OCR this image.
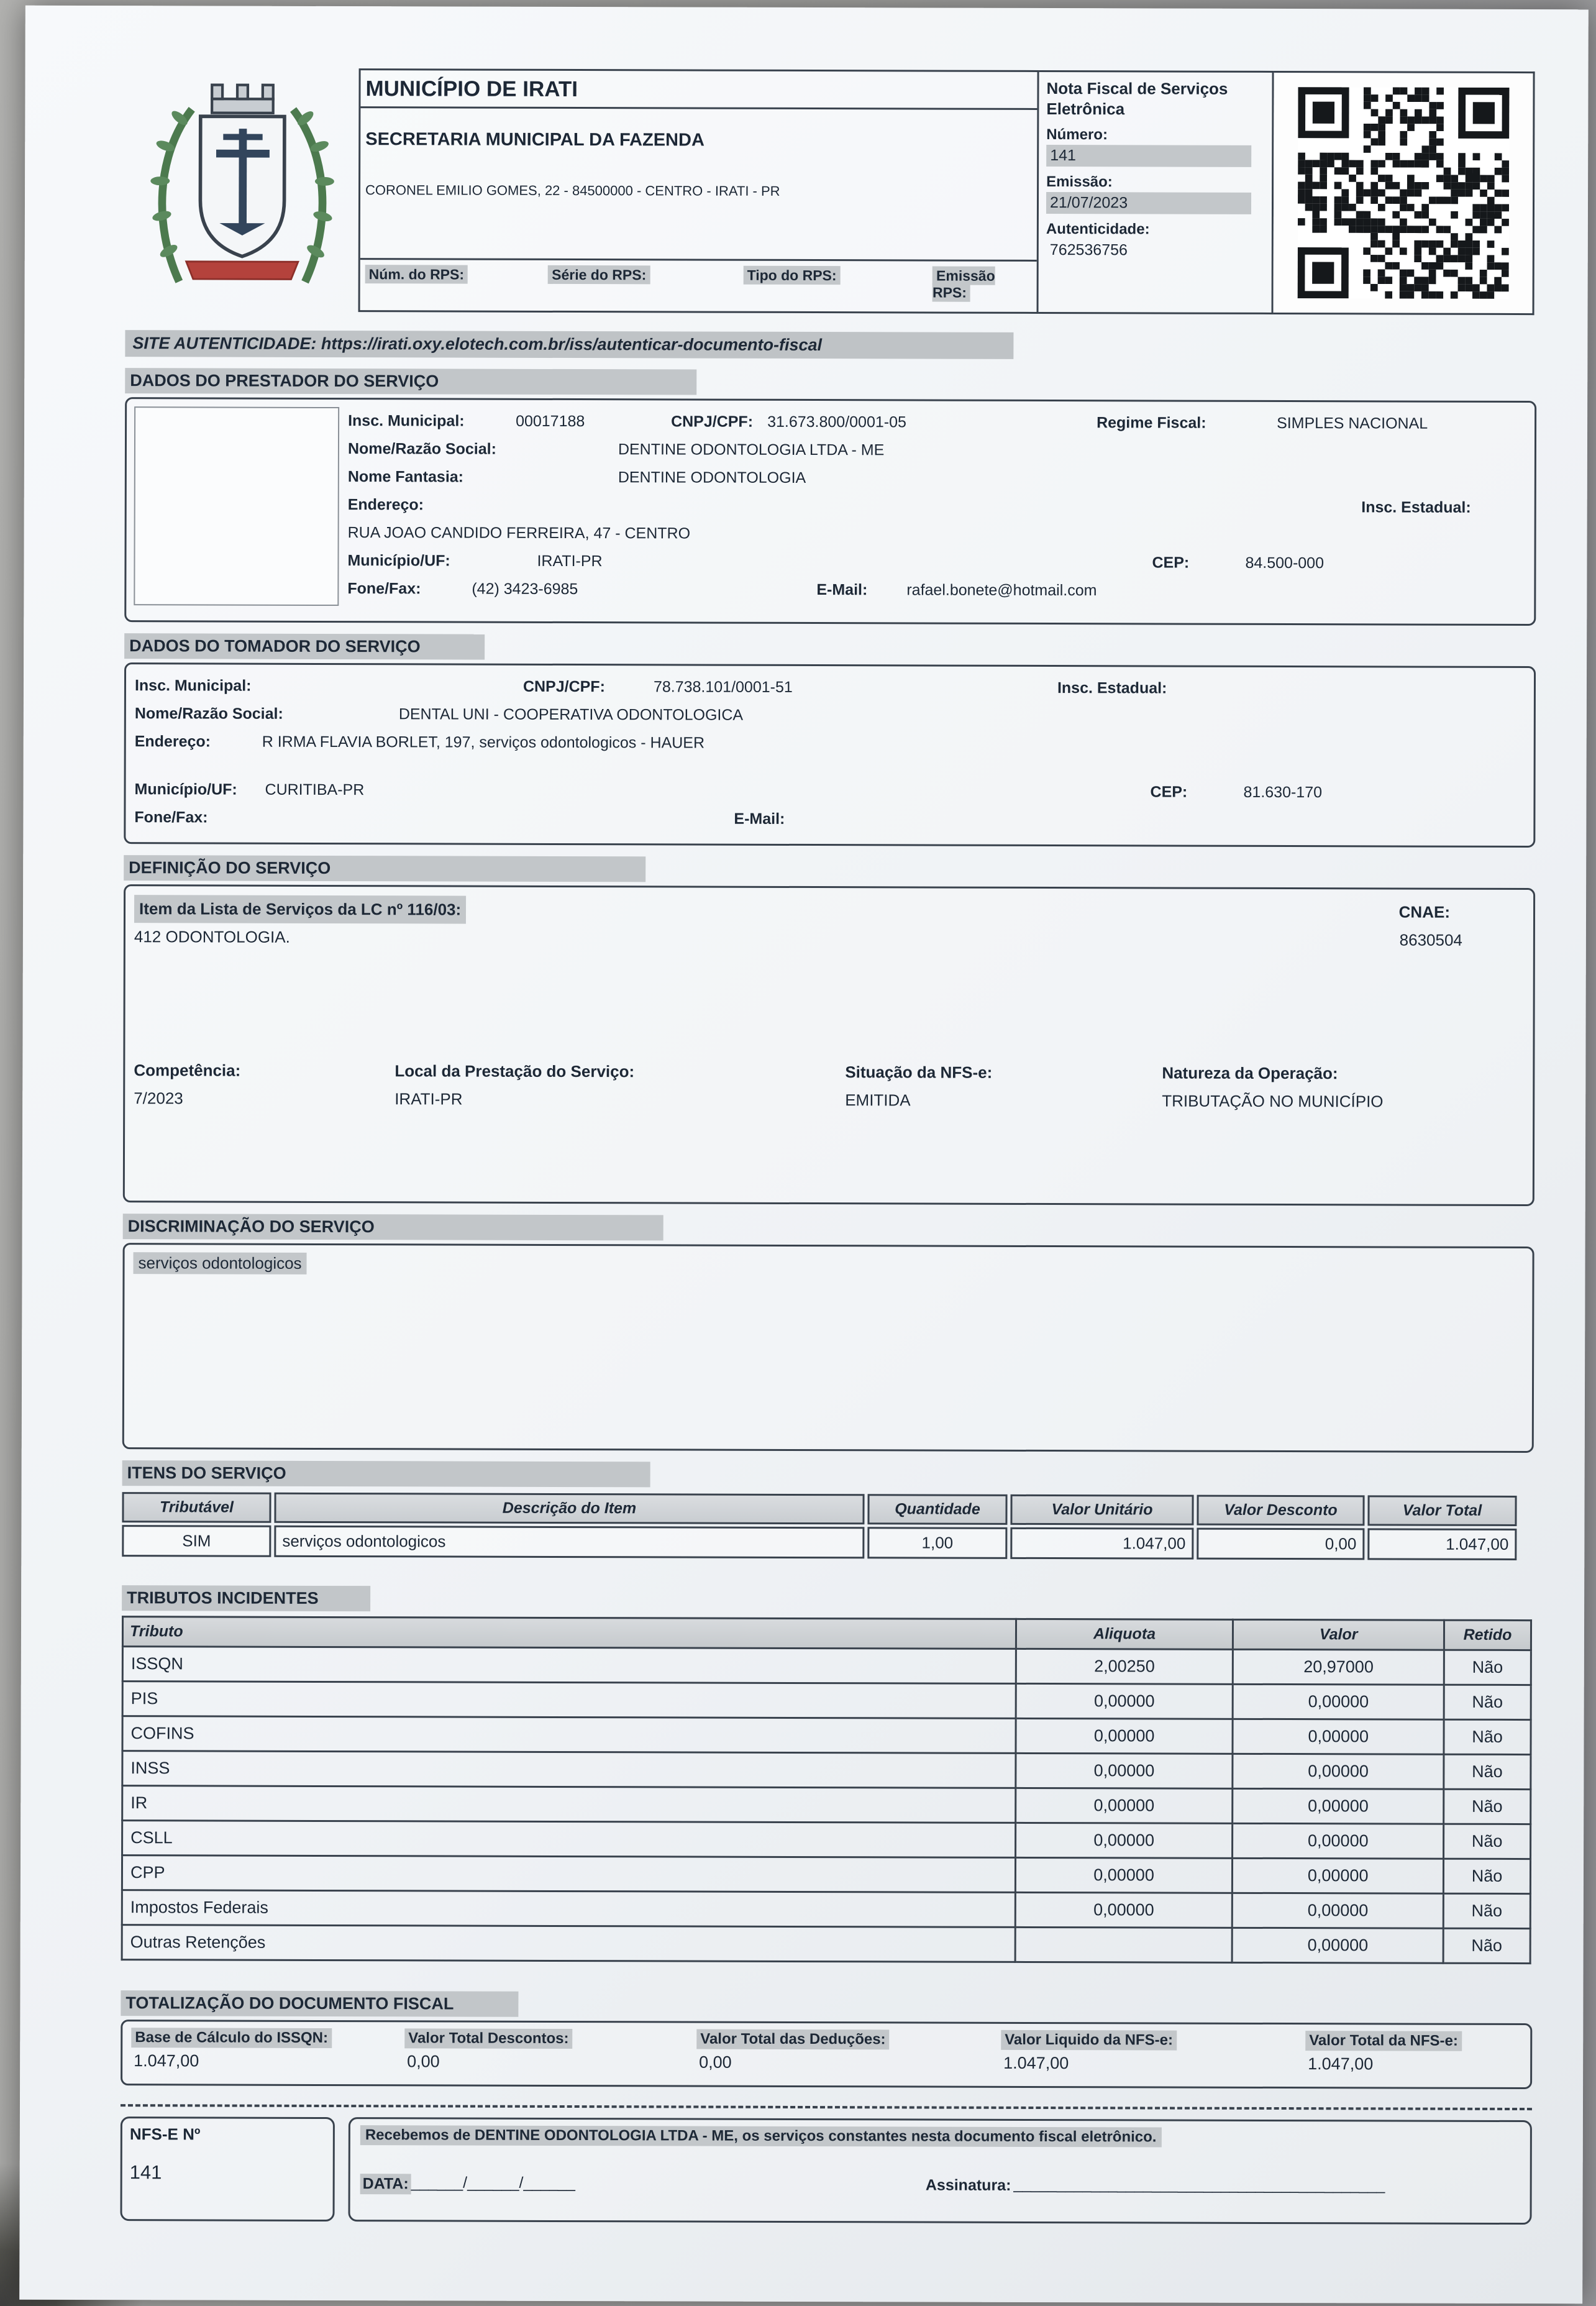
MUNICÍPIO DE IRATI
SECRETARIA MUNICIPAL DA FAZENDA
CORONEL EMILIO GOMES, 22 - 84500000 - CENTRO - IRATI - PR
Núm. do RPS:	Série do RPS:	Tipo do RPS:	Emissão RPS:
Nota Fiscal de Serviços Eletrônica
Número:
141
Emissão:
21/07/2023
Autenticidade:
762536756
SITE AUTENTICIDADE: https://irati.oxy.elotech.com.br/iss/autenticar-documento-fiscal
DADOS DO PRESTADOR DO SERVIÇO
Insc. Municipal:	00017188	CNPJ/CPF: 31.673.800/0001-05	Regime Fiscal:	SIMPLES NACIONAL
Nome/Razão Social:	DENTINE ODONTOLOGIA LTDA - ME
Nome Fantasia:	DENTINE ODONTOLOGIA
Endereço:	Insc. Estadual:
RUA JOAO CANDIDO FERREIRA, 47 - CENTRO
Município/UF:	IRATI-PR	CEP:	84.500-000
Fone/Fax:	(42) 3423-6985	E-Mail:	rafael.bonete@hotmail.com
DADOS DO TOMADOR DO SERVIÇO
Insc. Municipal:	CNPJ/CPF:	78.738.101/0001-51	Insc. Estadual:
Nome/Razão Social:	DENTAL UNI - COOPERATIVA ODONTOLOGICA
Endereço:	R IRMA FLAVIA BORLET, 197, serviços odontologicos - HAUER
Município/UF:	CURITIBA-PR	CEP:	81.630-170
Fone/Fax:	E-Mail:
DEFINIÇÃO DO SERVIÇO
Item da Lista de Serviços da LC nº 116/03:	CNAE:
412 ODONTOLOGIA.	8630504
Competência:	Local da Prestação do Serviço:	Situação da NFS-e:	Natureza da Operação:
7/2023	IRATI-PR	EMITIDA	TRIBUTAÇÃO NO MUNICÍPIO
DISCRIMINAÇÃO DO SERVIÇO
serviços odontologicos
ITENS DO SERVIÇO
Tributável	Descrição do Item	Quantidade	Valor Unitário	Valor Desconto	Valor Total
SIM	serviços odontologicos	1,00	1.047,00	0,00	1.047,00
TRIBUTOS INCIDENTES
Tributo	Aliquota	Valor	Retido
ISSQN	2,00250	20,97000	Não
PIS	0,00000	0,00000	Não
COFINS	0,00000	0,00000	Não
INSS	0,00000	0,00000	Não
IR	0,00000	0,00000	Não
CSLL	0,00000	0,00000	Não
CPP	0,00000	0,00000	Não
Impostos Federais	0,00000	0,00000	Não
Outras Retenções		0,00000	Não
TOTALIZAÇÃO DO DOCUMENTO FISCAL
Base de Cálculo do ISSQN:
1.047,00
Valor Total Descontos:
0,00
Valor Total das Deduções:
0,00
Valor Liquido da NFS-e:
1.047,00
Valor Total da NFS-e:
1.047,00
NFS-E Nº
141
Recebemos de DENTINE ODONTOLOGIA LTDA - ME, os serviços constantes nesta documento fiscal eletrônico.
DATA: ______/______/______	Assinatura: ___________________________________________
